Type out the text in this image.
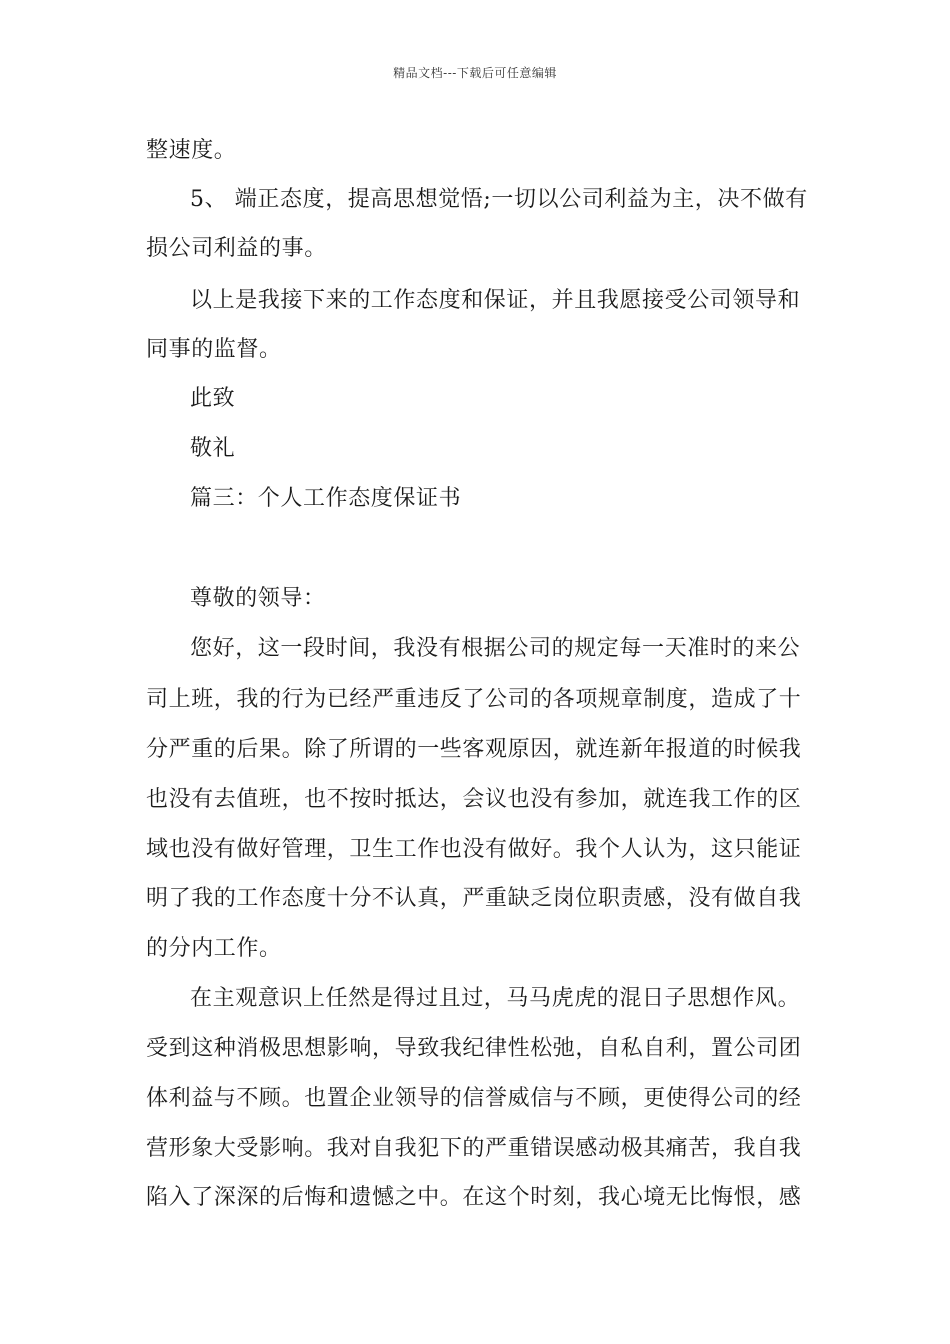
精品文档---下载后可任意编辑
整速度。
5、 端正态度，提高思想觉悟;一切以公司利益为主，决不做有
损公司利益的事。
以上是我接下来的工作态度和保证，并且我愿接受公司领导和
同事的监督。
此致
敬礼
篇三：个人工作态度保证书
尊敬的领导：
您好，这一段时间，我没有根据公司的规定每一天准时的来公
司上班，我的行为已经严重违反了公司的各项规章制度，造成了十
分严重的后果。除了所谓的一些客观原因，就连新年报道的时候我
也没有去值班，也不按时抵达，会议也没有参加，就连我工作的区
域也没有做好管理，卫生工作也没有做好。我个人认为，这只能证
明了我的工作态度十分不认真，严重缺乏岗位职责感，没有做自我
的分内工作。
在主观意识上任然是得过且过，马马虎虎的混日子思想作风。
受到这种消极思想影响，导致我纪律性松弛，自私自利，置公司团
体利益与不顾。也置企业领导的信誉威信与不顾，更使得公司的经
营形象大受影响。我对自我犯下的严重错误感动极其痛苦，我自我
陷入了深深的后悔和遗憾之中。在这个时刻，我心境无比悔恨，感
